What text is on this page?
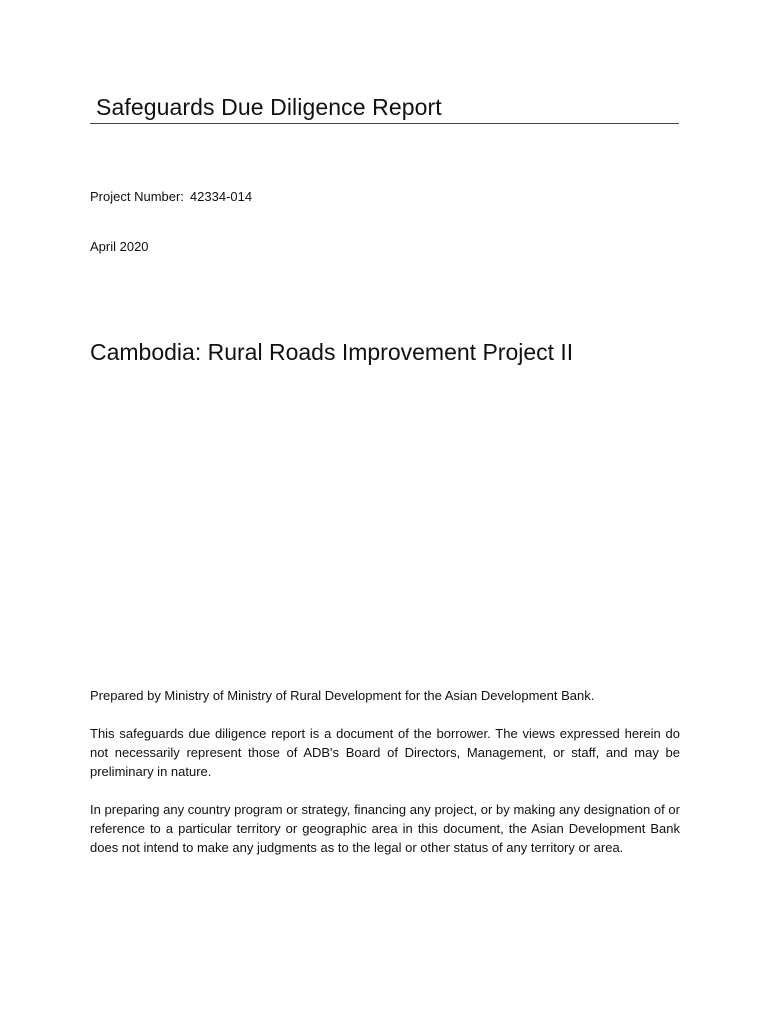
Safeguards Due Diligence Report

Project Number: 42334-014

April 2020

Cambodia: Rural Roads Improvement Project II

Prepared by Ministry of Ministry of Rural Development for the Asian Development Bank.

This safeguards due diligence report is a document of the borrower. The views expressed herein do not necessarily represent those of ADB's Board of Directors, Management, or staff, and may be preliminary in nature.

In preparing any country program or strategy, financing any project, or by making any designation of or reference to a particular territory or geographic area in this document, the Asian Development Bank does not intend to make any judgments as to the legal or other status of any territory or area.
